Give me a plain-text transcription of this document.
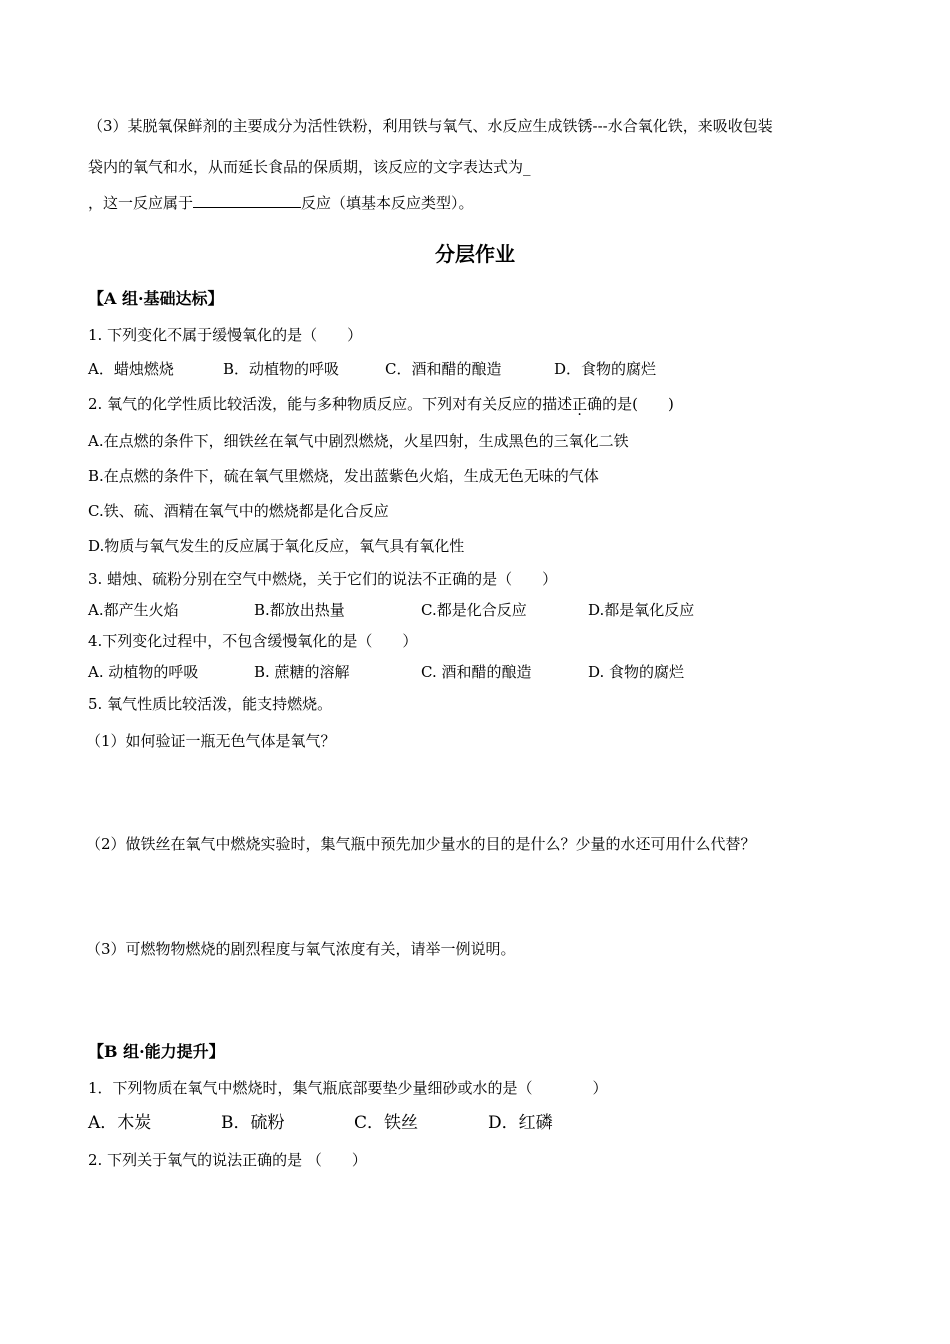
（3）某脱氧保鲜剂的主要成分为活性铁粉，利用铁与氧气、水反应生成铁锈---水合氧化铁，来吸收包装
袋内的氧气和水，从而延长食品的保质期，该反应的文字表达式为_
，这一反应属于	反应（填基本反应类型）。
分层作业
【A 组·基础达标】
1. 下列变化不属于缓慢氧化的是（　　）
A．蜡烛燃烧	B．动植物的呼吸	C．酒和醋的酿造	D．食物的腐烂
2. 氧气的化学性质比较活泼，能与多种物质反应。下列对有关反应的描述正确的是(　　)
A.在点燃的条件下，细铁丝在氧气中剧烈燃烧，火星四射，生成黑色的三氧化二铁
B.在点燃的条件下，硫在氧气里燃烧，发出蓝紫色火焰，生成无色无味的气体
C.铁、硫、酒精在氧气中的燃烧都是化合反应
D.物质与氧气发生的反应属于氧化反应，氧气具有氧化性
3. 蜡烛、硫粉分别在空气中燃烧，关于它们的说法不正确的是（　　）
A.都产生火焰	B.都放出热量	C.都是化合反应	D.都是氧化反应
4.下列变化过程中，不包含缓慢氧化的是（　　）
A. 动植物的呼吸	B. 蔗糖的溶解	C. 酒和醋的酿造	D. 食物的腐烂
5. 氧气性质比较活泼，能支持燃烧。
（1）如何验证一瓶无色气体是氧气？
（2）做铁丝在氧气中燃烧实验时，集气瓶中预先加少量水的目的是什么？少量的水还可用什么代替？
（3）可燃物物燃烧的剧烈程度与氧气浓度有关，请举一例说明。
【B 组·能力提升】
1．下列物质在氧气中燃烧时，集气瓶底部要垫少量细砂或水的是（　　　　）
A．木炭	B．硫粉	C．铁丝	D．红磷
2. 下列关于氧气的说法正确的是 （　　）
